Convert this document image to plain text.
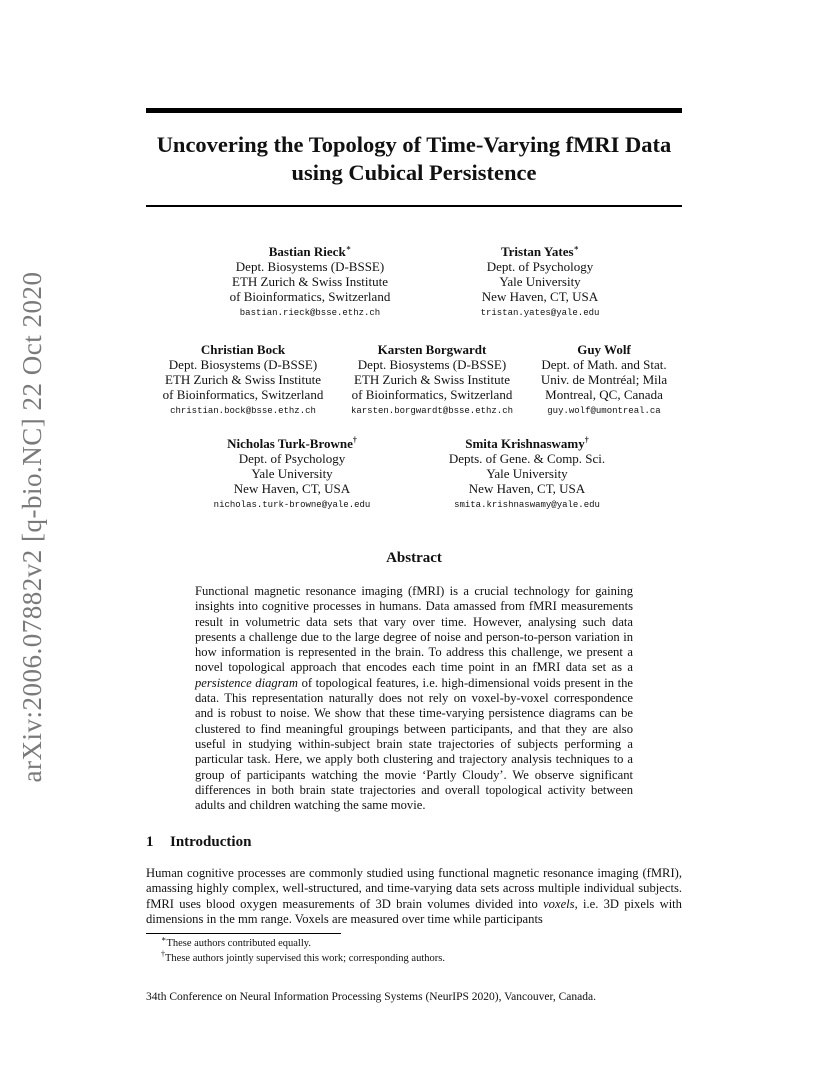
arXiv:2006.07882v2 [q-bio.NC] 22 Oct 2020
Uncovering the Topology of Time-Varying fMRI Data
using Cubical Persistence
Bastian Rieck∗
Dept. Biosystems (D-BSSE)
ETH Zurich & Swiss Institute
of Bioinformatics, Switzerland
bastian.rieck@bsse.ethz.ch
Tristan Yates∗
Dept. of Psychology
Yale University
New Haven, CT, USA
tristan.yates@yale.edu
Christian Bock
Dept. Biosystems (D-BSSE)
ETH Zurich & Swiss Institute
of Bioinformatics, Switzerland
christian.bock@bsse.ethz.ch
Karsten Borgwardt
Dept. Biosystems (D-BSSE)
ETH Zurich & Swiss Institute
of Bioinformatics, Switzerland
karsten.borgwardt@bsse.ethz.ch
Guy Wolf
Dept. of Math. and Stat.
Univ. de Montréal; Mila
Montreal, QC, Canada
guy.wolf@umontreal.ca
Nicholas Turk-Browne†
Dept. of Psychology
Yale University
New Haven, CT, USA
nicholas.turk-browne@yale.edu
Smita Krishnaswamy†
Depts. of Gene. & Comp. Sci.
Yale University
New Haven, CT, USA
smita.krishnaswamy@yale.edu
Abstract
Functional magnetic resonance imaging (fMRI) is a crucial technology for gaining insights into cognitive processes in humans. Data amassed from fMRI measurements result in volumetric data sets that vary over time. However, analysing such data presents a challenge due to the large degree of noise and person-to-person variation in how information is represented in the brain. To address this challenge, we present a novel topological approach that encodes each time point in an fMRI data set as a persistence diagram of topological features, i.e. high-dimensional voids present in the data. This representation naturally does not rely on voxel-by-voxel correspondence and is robust to noise. We show that these time-varying persistence diagrams can be clustered to find meaningful groupings between participants, and that they are also useful in studying within-subject brain state trajectories of subjects performing a particular task. Here, we apply both clustering and trajectory analysis techniques to a group of participants watching the movie ‘Partly Cloudy’. We observe significant differences in both brain state trajectories and overall topological activity between adults and children watching the same movie.
1 Introduction
Human cognitive processes are commonly studied using functional magnetic resonance imaging (fMRI), amassing highly complex, well-structured, and time-varying data sets across multiple individual subjects. fMRI uses blood oxygen measurements of 3D brain volumes divided into voxels, i.e. 3D pixels with dimensions in the mm range. Voxels are measured over time while participants
∗These authors contributed equally.
†These authors jointly supervised this work; corresponding authors.
34th Conference on Neural Information Processing Systems (NeurIPS 2020), Vancouver, Canada.
